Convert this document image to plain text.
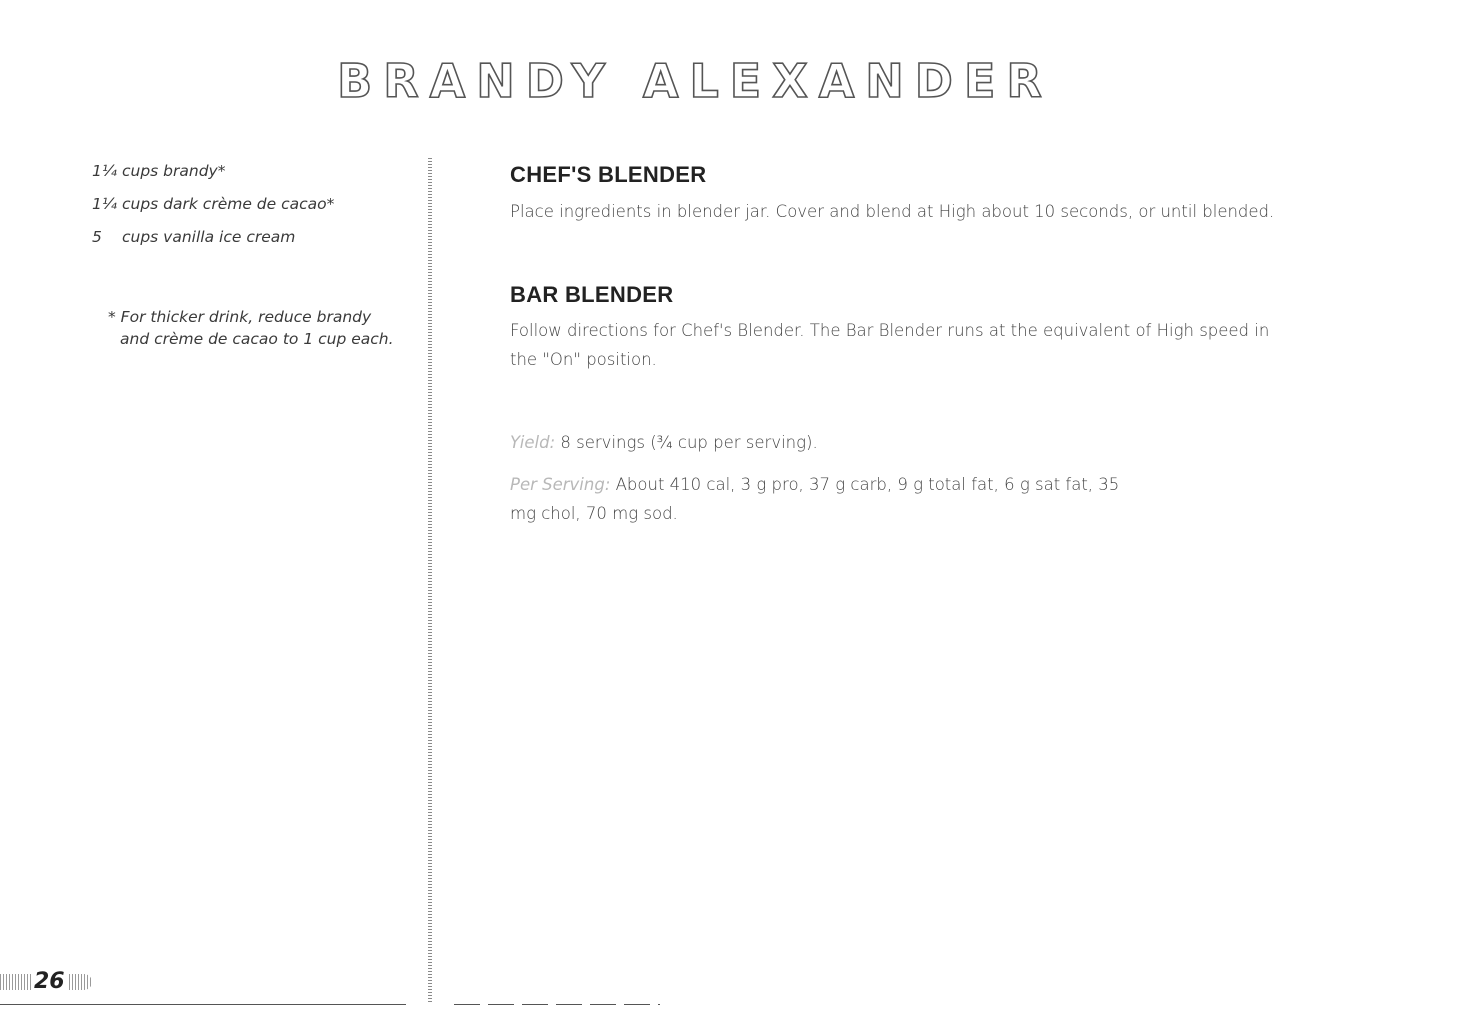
BRANDY ALEXANDER
1¼ cups brandy*
1¼ cups dark crème de cacao*
5	cups vanilla ice cream
* For thicker drink, reduce brandy and crème de cacao to 1 cup each.
CHEF'S BLENDER

Place ingredients in blender jar. Cover and blend at High about 10 seconds, or until blended.

BAR BLENDER

Follow directions for Chef's Blender. The Bar Blender runs at the equivalent of High speed in the "On" position.

Yield: 8 servings (¾ cup per serving).

Per Serving: About 410 cal, 3 g pro, 37 g carb, 9 g total fat, 6 g sat fat, 35 mg chol, 70 mg sod.

26
